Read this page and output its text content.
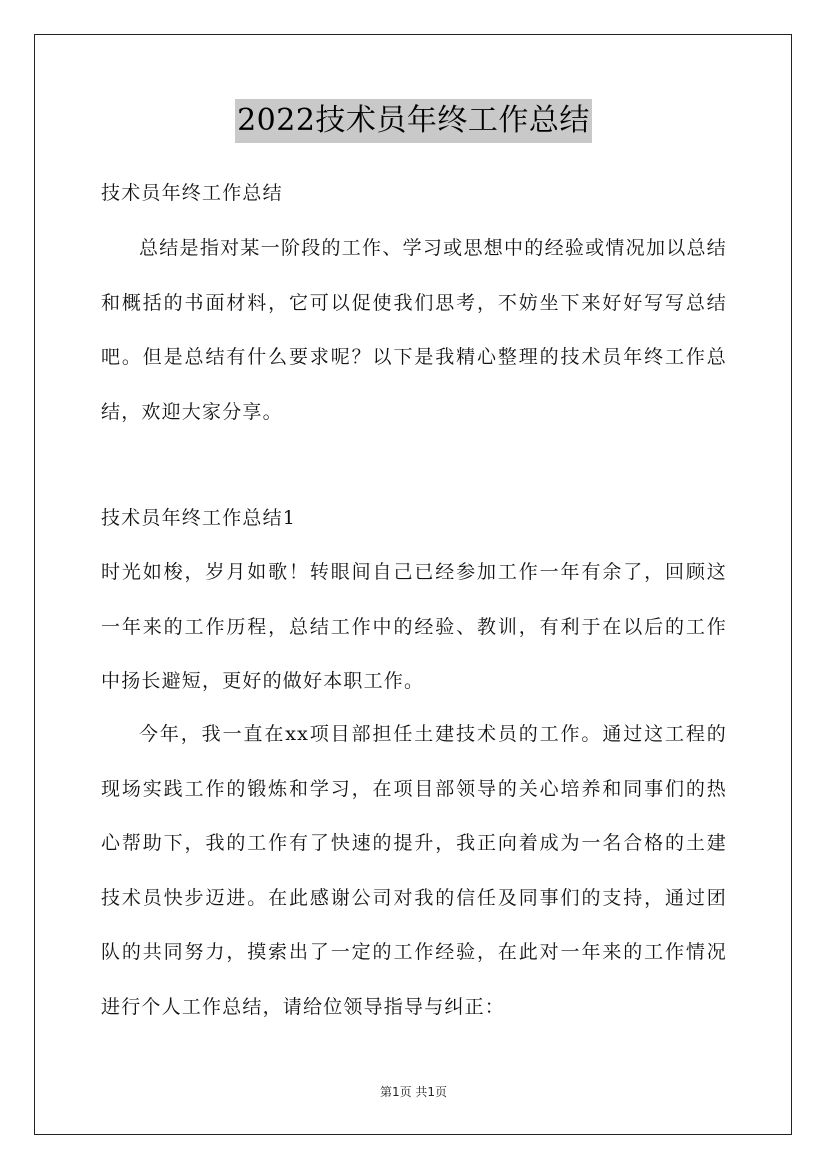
2022技术员年终工作总结

技术员年终工作总结

总结是指对某一阶段的工作、学习或思想中的经验或情况加以总结和概括的书面材料，它可以促使我们思考，不妨坐下来好好写写总结吧。但是总结有什么要求呢？以下是我精心整理的技术员年终工作总结，欢迎大家分享。

技术员年终工作总结1

时光如梭，岁月如歌！转眼间自己已经参加工作一年有余了，回顾这一年来的工作历程，总结工作中的经验、教训，有利于在以后的工作中扬长避短，更好的做好本职工作。

今年，我一直在xx项目部担任土建技术员的工作。通过这工程的现场实践工作的锻炼和学习，在项目部领导的关心培养和同事们的热心帮助下，我的工作有了快速的提升，我正向着成为一名合格的土建技术员快步迈进。在此感谢公司对我的信任及同事们的支持，通过团队的共同努力，摸索出了一定的工作经验，在此对一年来的工作情况进行个人工作总结，请给位领导指导与纠正：

第1页 共1页
